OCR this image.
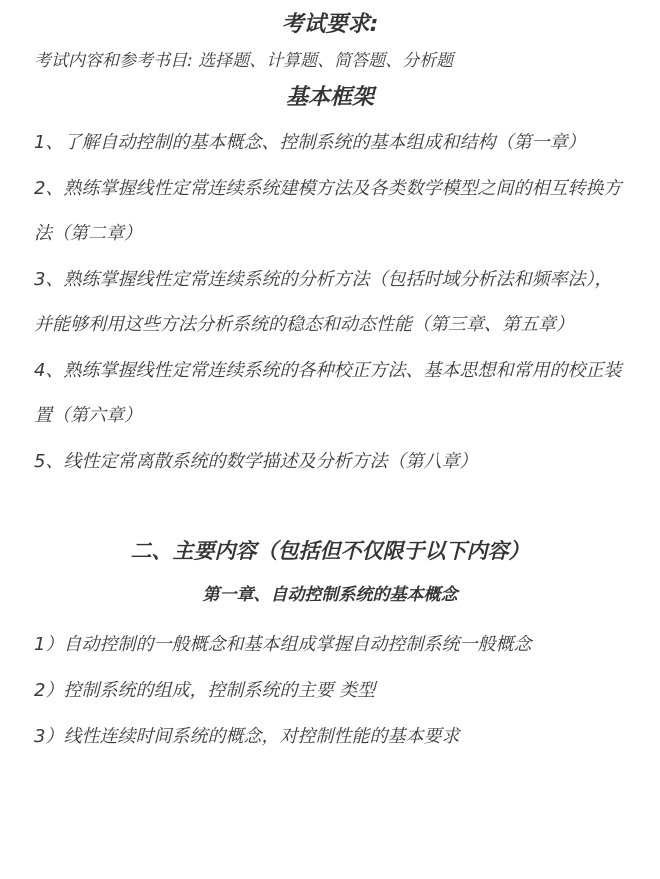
考试要求:
考试内容和参考书目: 选择题、计算题、简答题、分析题
基本框架

1、了解自动控制的基本概念、控制系统的基本组成和结构（第一章）

2、熟练掌握线性定常连续系统建模方法及各类数学模型之间的相互转换方法（第二章）

3、熟练掌握线性定常连续系统的分析方法（包括时域分析法和频率法），并能够利用这些方法分析系统的稳态和动态性能（第三章、第五章）

4、熟练掌握线性定常连续系统的各种校正方法、基本思想和常用的校正装置（第六章）

5、线性定常离散系统的数学描述及分析方法（第八章）

二、主要内容（包括但不仅限于以下内容）
第一章、自动控制系统的基本概念
1）自动控制的一般概念和基本组成掌握自动控制系统一般概念
2）控制系统的组成，控制系统的主要 类型
3）线性连续时间系统的概念，对控制性能的基本要求
